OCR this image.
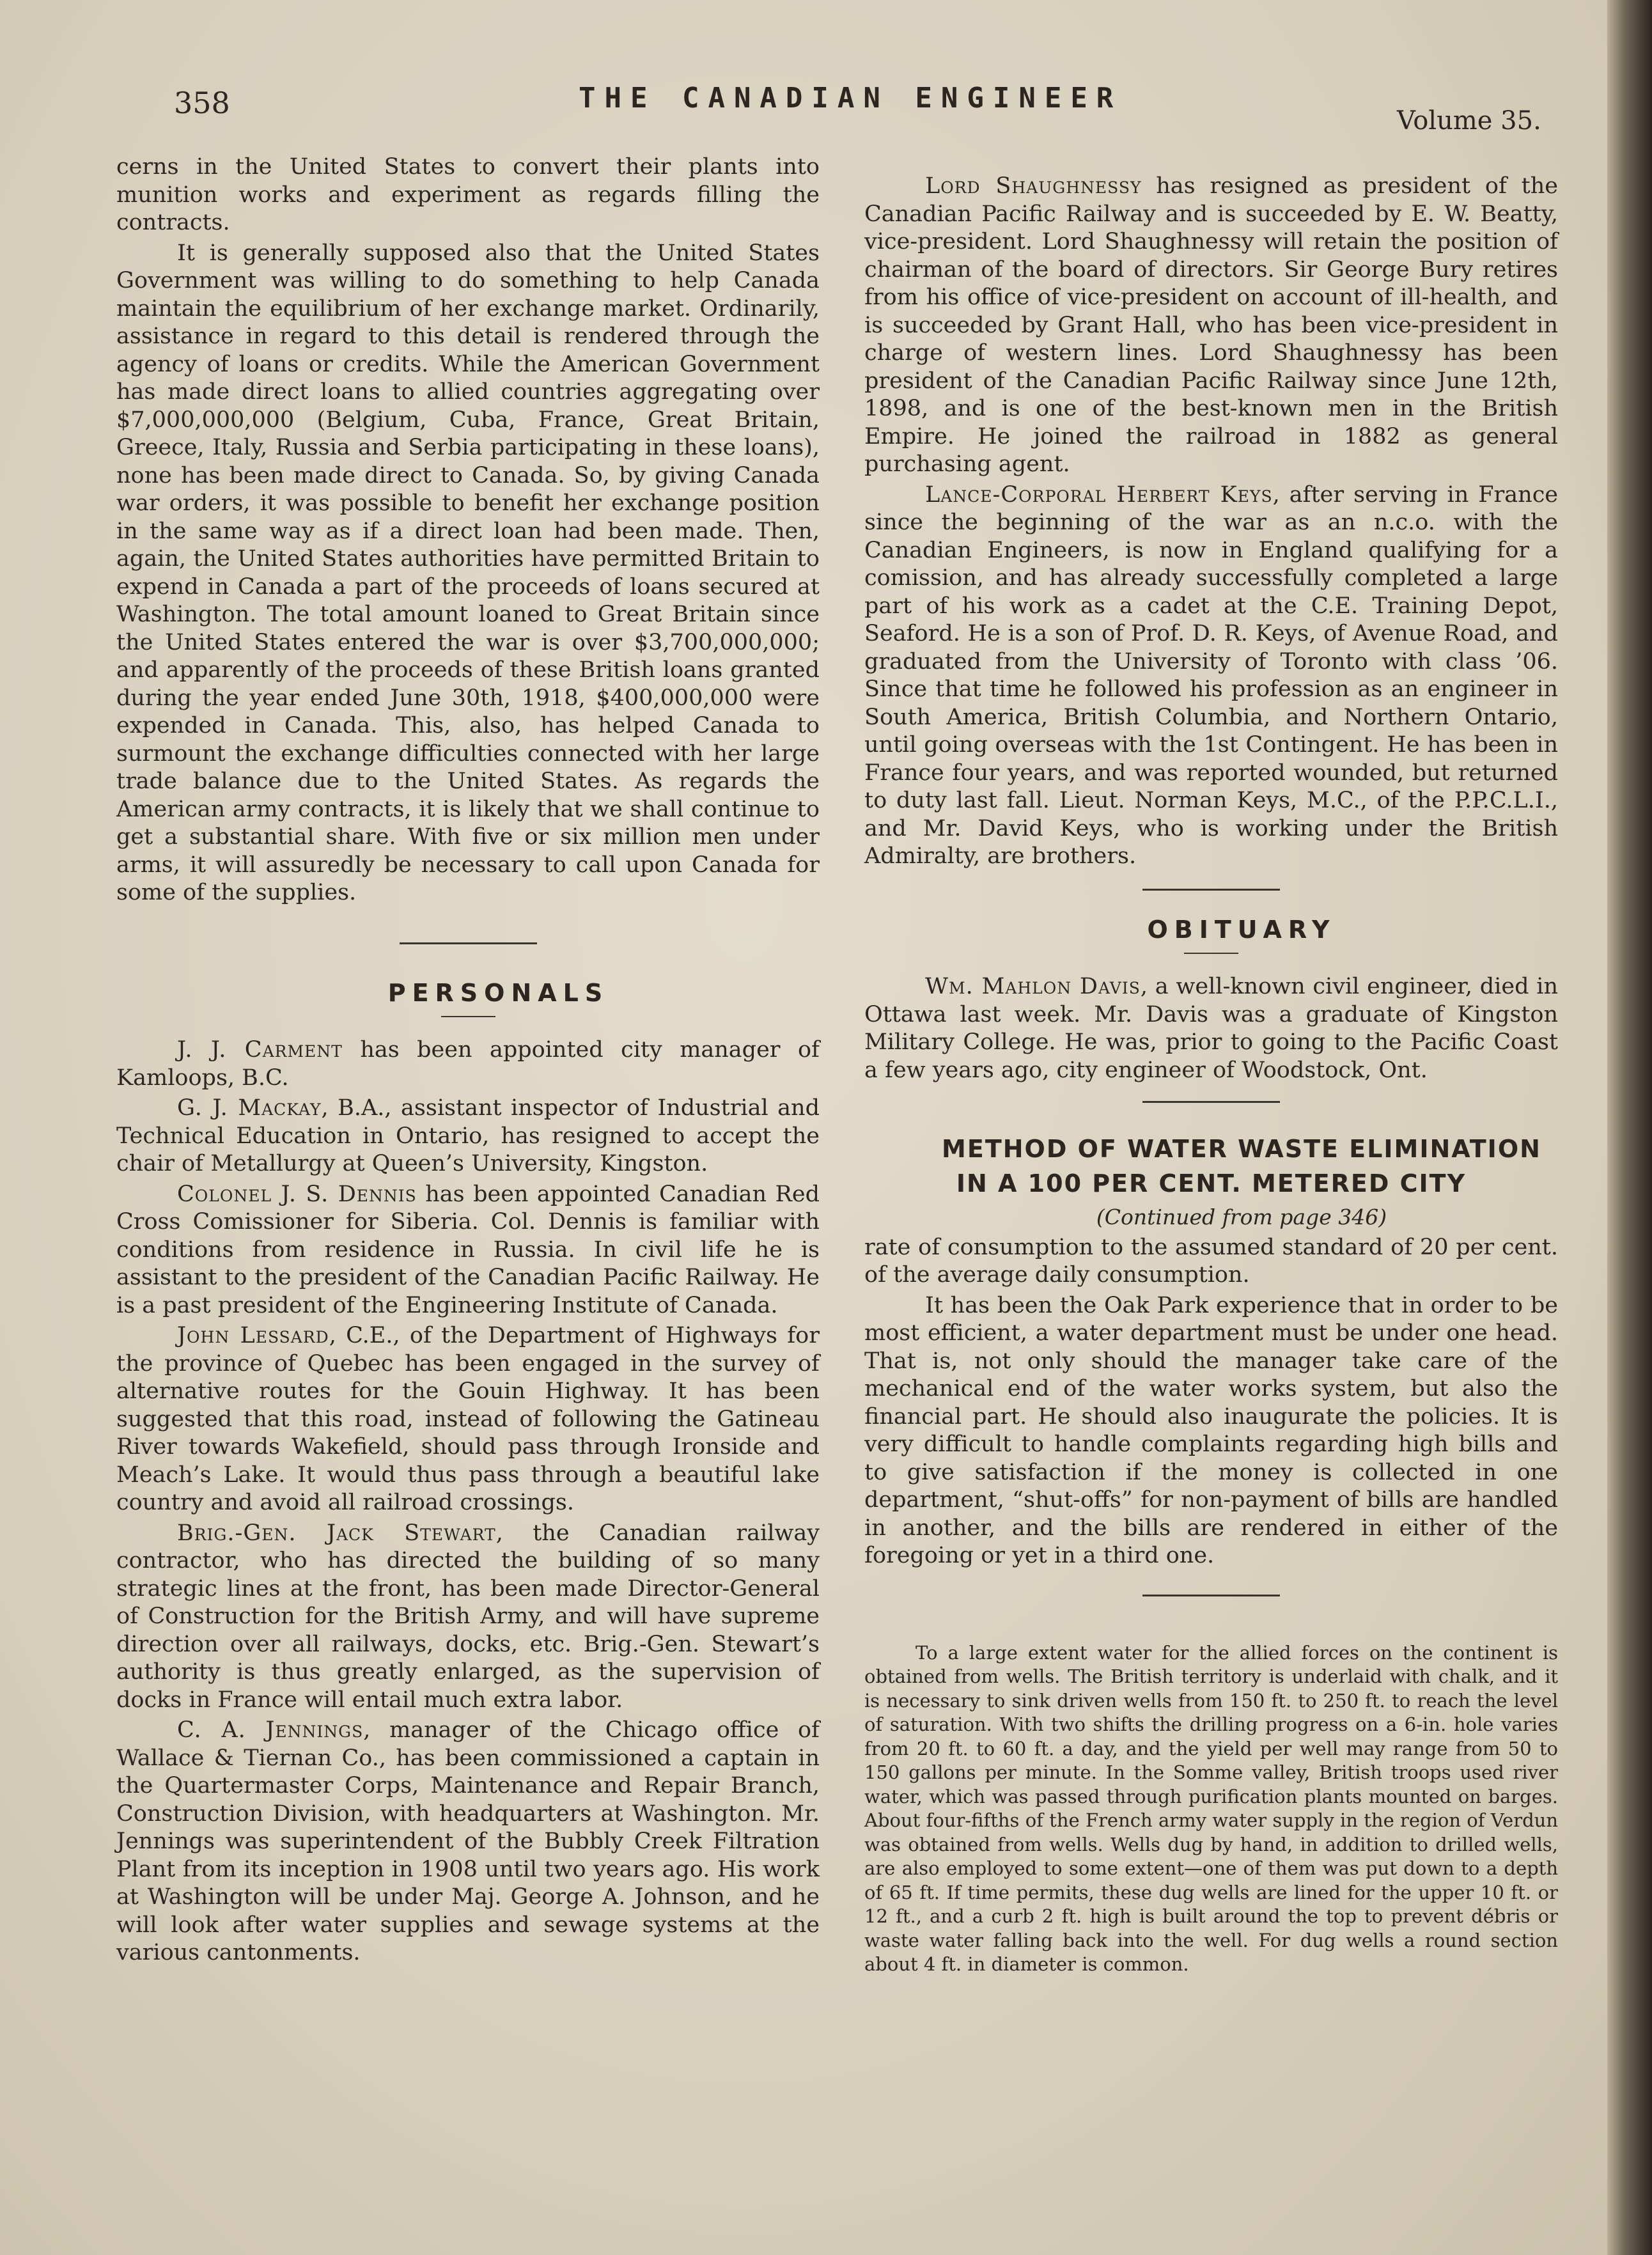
358	THE CANADIAN ENGINEER
Volume 35.

cerns in the United States to convert their plants into munition works and experiment as regards filling the contracts.

It is generally supposed also that the United States Government was willing to do something to help Canada maintain the equilibrium of her exchange market. Ordinarily, assistance in regard to this detail is rendered through the agency of loans or credits. While the American Government has made direct loans to allied countries aggregating over $7,000,000,000 (Belgium, Cuba, France, Great Britain, Greece, Italy, Russia and Serbia participating in these loans), none has been made direct to Canada. So, by giving Canada war orders, it was possible to benefit her exchange position in the same way as if a direct loan had been made. Then, again, the United States authorities have permitted Britain to expend in Canada a part of the proceeds of loans secured at Washington. The total amount loaned to Great Britain since the United States entered the war is over $3,700,000,000; and apparently of the proceeds of these British loans granted during the year ended June 30th, 1918, $400,000,000 were expended in Canada. This, also, has helped Canada to surmount the exchange difficulties connected with her large trade balance due to the United States. As regards the American army contracts, it is likely that we shall continue to get a substantial share. With five or six million men under arms, it will assuredly be necessary to call upon Canada for some of the supplies.

PERSONALS

J. J. Carment has been appointed city manager of Kamloops, B.C.

G. J. Mackay, B.A., assistant inspector of Industrial and Technical Education in Ontario, has resigned to accept the chair of Metallurgy at Queen’s University, Kingston.

Colonel J. S. Dennis has been appointed Canadian Red Cross Comissioner for Siberia. Col. Dennis is familiar with conditions from residence in Russia. In civil life he is assistant to the president of the Canadian Pacific Railway. He is a past president of the Engineering Institute of Canada.

John Lessard, C.E., of the Department of Highways for the province of Quebec has been engaged in the survey of alternative routes for the Gouin Highway. It has been suggested that this road, instead of following the Gatineau River towards Wakefield, should pass through Ironside and Meach’s Lake. It would thus pass through a beautiful lake country and avoid all railroad crossings.

Brig.-Gen. Jack Stewart, the Canadian railway contractor, who has directed the building of so many strategic lines at the front, has been made Director-General of Construction for the British Army, and will have supreme direction over all railways, docks, etc. Brig.-Gen. Stewart’s authority is thus greatly enlarged, as the supervision of docks in France will entail much extra labor.

C. A. Jennings, manager of the Chicago office of Wallace & Tiernan Co., has been commissioned a captain in the Quartermaster Corps, Maintenance and Repair Branch, Construction Division, with headquarters at Washington. Mr. Jennings was superintendent of the Bubbly Creek Filtration Plant from its inception in 1908 until two years ago. His work at Washington will be under Maj. George A. Johnson, and he will look after water supplies and sewage systems at the various cantonments.

Lord Shaughnessy has resigned as president of the Canadian Pacific Railway and is succeeded by E. W. Beatty, vice-president. Lord Shaughnessy will retain the position of chairman of the board of directors. Sir George Bury retires from his office of vice-president on account of ill-health, and is succeeded by Grant Hall, who has been vice-president in charge of western lines. Lord Shaughnessy has been president of the Canadian Pacific Railway since June 12th, 1898, and is one of the best-known men in the British Empire. He joined the railroad in 1882 as general purchasing agent.

Lance-Corporal Herbert Keys, after serving in France since the beginning of the war as an n.c.o. with the Canadian Engineers, is now in England qualifying for a comission, and has already successfully completed a large part of his work as a cadet at the C.E. Training Depot, Seaford. He is a son of Prof. D. R. Keys, of Avenue Road, and graduated from the University of Toronto with class ’06. Since that time he followed his profession as an engineer in South America, British Columbia, and Northern Ontario, until going overseas with the 1st Contingent. He has been in France four years, and was reported wounded, but returned to duty last fall. Lieut. Norman Keys, M.C., of the P.P.C.L.I., and Mr. David Keys, who is working under the British Admiralty, are brothers.

OBITUARY

Wm. Mahlon Davis, a well-known civil engineer, died in Ottawa last week. Mr. Davis was a graduate of Kingston Military College. He was, prior to going to the Pacific Coast a few years ago, city engineer of Woodstock, Ont.

METHOD OF WATER WASTE ELIMINATION
IN A 100 PER CENT. METERED CITY

(Continued from page 346)

rate of consumption to the assumed standard of 20 per cent. of the average daily consumption.

It has been the Oak Park experience that in order to be most efficient, a water department must be under one head. That is, not only should the manager take care of the mechanical end of the water works system, but also the financial part. He should also inaugurate the policies. It is very difficult to handle complaints regarding high bills and to give satisfaction if the money is collected in one department, “shut-offs” for non-payment of bills are handled in another, and the bills are rendered in either of the foregoing or yet in a third one.

To a large extent water for the allied forces on the continent is obtained from wells. The British territory is underlaid with chalk, and it is necessary to sink driven wells from 150 ft. to 250 ft. to reach the level of saturation. With two shifts the drilling progress on a 6-in. hole varies from 20 ft. to 60 ft. a day, and the yield per well may range from 50 to 150 gallons per minute. In the Somme valley, British troops used river water, which was passed through purification plants mounted on barges. About four-fifths of the French army water supply in the region of Verdun was obtained from wells. Wells dug by hand, in addition to drilled wells, are also employed to some extent—one of them was put down to a depth of 65 ft. If time permits, these dug wells are lined for the upper 10 ft. or 12 ft., and a curb 2 ft. high is built around the top to prevent débris or waste water falling back into the well. For dug wells a round section about 4 ft. in diameter is common.
